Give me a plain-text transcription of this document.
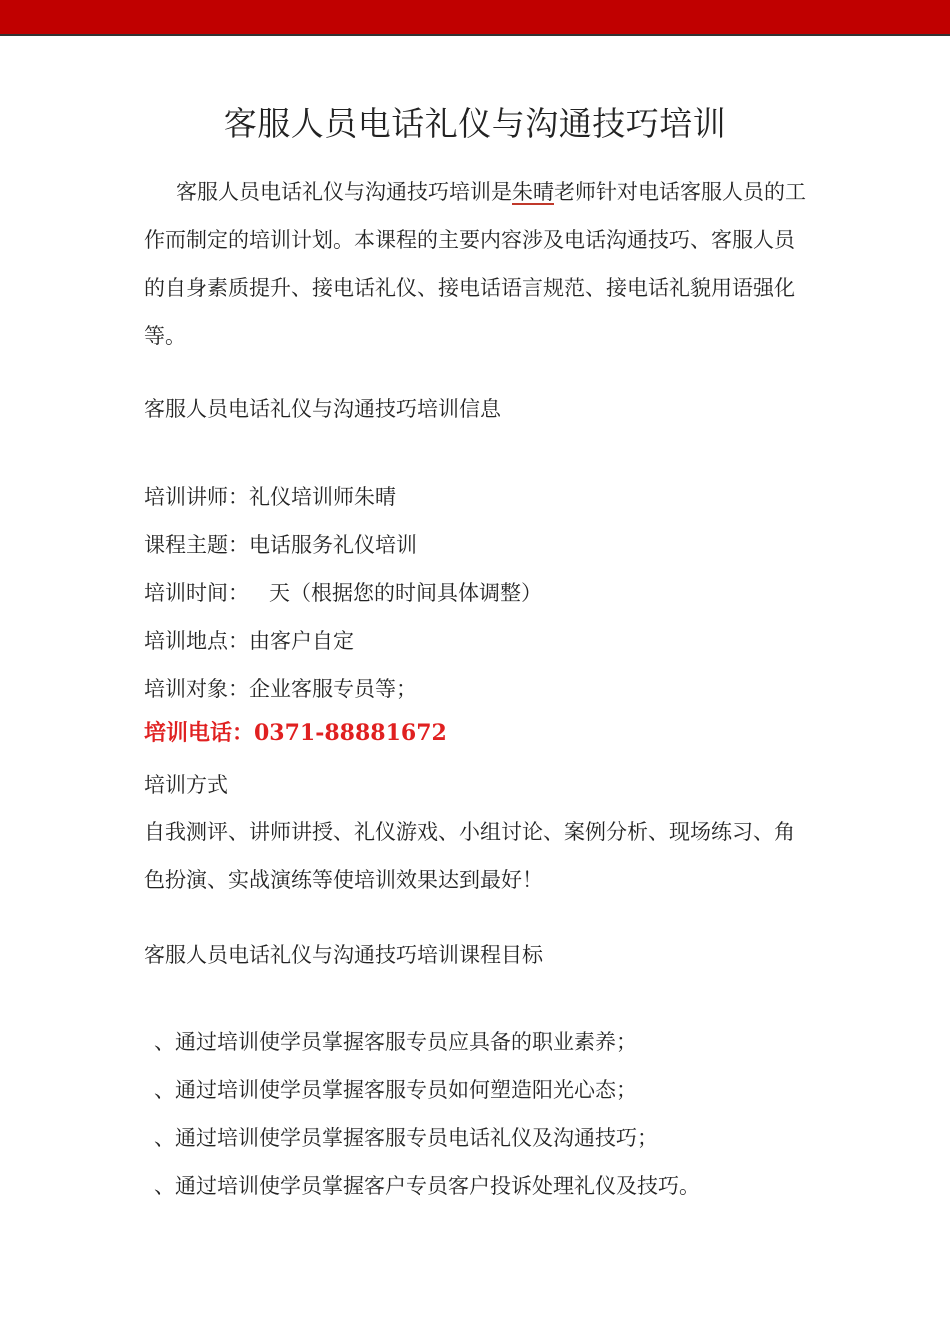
客服人员电话礼仪与沟通技巧培训
客服人员电话礼仪与沟通技巧培训是朱晴老师针对电话客服人员的工作而制定的培训计划。本课程的主要内容涉及电话沟通技巧、客服人员的自身素质提升、接电话礼仪、接电话语言规范、接电话礼貌用语强化等。
客服人员电话礼仪与沟通技巧培训信息
培训讲师：礼仪培训师朱晴
课程主题：电话服务礼仪培训
培训时间：   天（根据您的时间具体调整）
培训地点：由客户自定
培训对象：企业客服专员等；
培训电话：0371-88881672
培训方式
自我测评、讲师讲授、礼仪游戏、小组讨论、案例分析、现场练习、角色扮演、实战演练等使培训效果达到最好！
客服人员电话礼仪与沟通技巧培训课程目标
、通过培训使学员掌握客服专员应具备的职业素养；
、通过培训使学员掌握客服专员如何塑造阳光心态；
、通过培训使学员掌握客服专员电话礼仪及沟通技巧；
、通过培训使学员掌握客户专员客户投诉处理礼仪及技巧。
